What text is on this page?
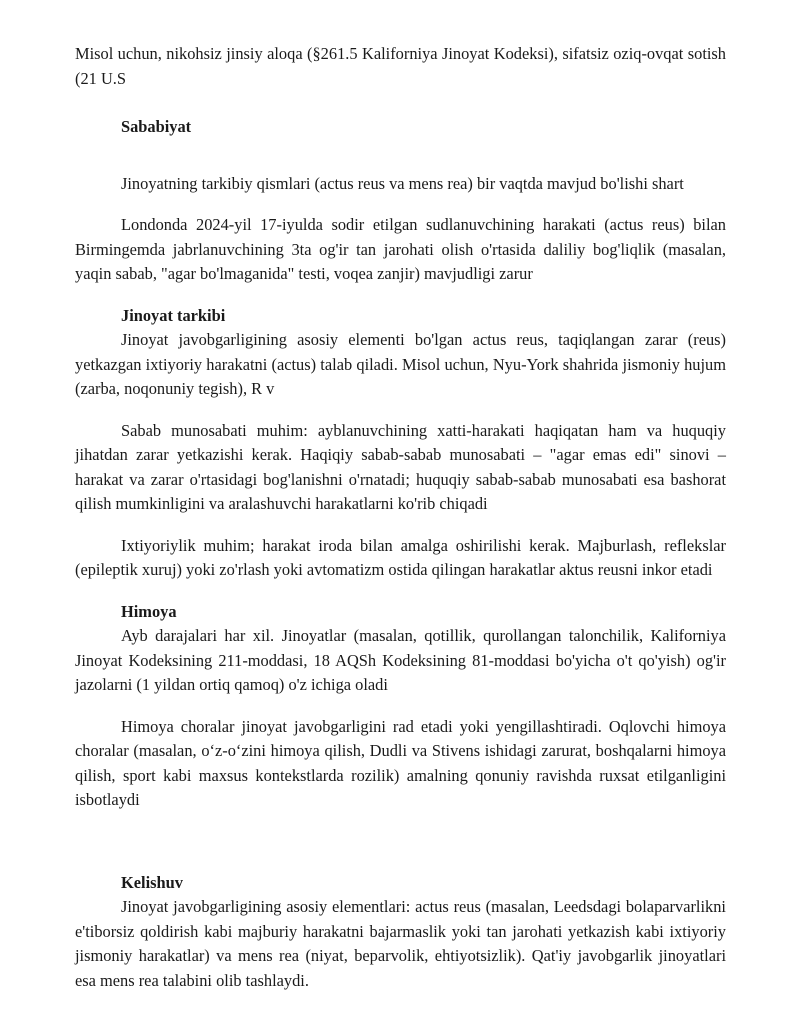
Misol uchun, nikohsiz jinsiy aloqa (§261.5 Kaliforniya Jinoyat Kodeksi), sifatsiz oziq-ovqat sotish (21 U.S

Sababiyat

Jinoyatning tarkibiy qismlari (actus reus va mens rea) bir vaqtda mavjud bo'lishi shart

Londonda 2024-yil 17-iyulda sodir etilgan sudlanuvchining harakati (actus reus) bilan Birmingemda jabrlanuvchining 3ta og'ir tan jarohati olish o'rtasida daliliy bog'liqlik (masalan, yaqin sabab, "agar bo'lmaganida" testi, voqea zanjir) mavjudligi zarur

Jinoyat tarkibi

Jinoyat javobgarligining asosiy elementi bo'lgan actus reus, taqiqlangan zarar (reus) yetkazgan ixtiyoriy harakatni (actus) talab qiladi. Misol uchun, Nyu-York shahrida jismoniy hujum (zarba, noqonuniy tegish), R v

Sabab munosabati muhim: ayblanuvchining xatti-harakati haqiqatan ham va huquqiy jihatdan zarar yetkazishi kerak. Haqiqiy sabab-sabab munosabati – "agar emas edi" sinovi – harakat va zarar o'rtasidagi bog'lanishni o'rnatadi; huquqiy sabab-sabab munosabati esa bashorat qilish mumkinligini va aralashuvchi harakatlarni ko'rib chiqadi

Ixtiyoriylik muhim; harakat iroda bilan amalga oshirilishi kerak. Majburlash, reflekslar (epileptik xuruj) yoki zo'rlash yoki avtomatizm ostida qilingan harakatlar aktus reusni inkor etadi

Himoya

Ayb darajalari har xil. Jinoyatlar (masalan, qotillik, qurollangan talonchilik, Kaliforniya Jinoyat Kodeksining 211-moddasi, 18 AQSh Kodeksining 81-moddasi bo'yicha o't qo'yish) og'ir jazolarni (1 yildan ortiq qamoq) o'z ichiga oladi

Himoya choralar jinoyat javobgarligini rad etadi yoki yengillashtiradi. Oqlovchi himoya choralar (masalan, o‘z-o‘zini himoya qilish, Dudli va Stivens ishidagi zarurat, boshqalarni himoya qilish, sport kabi maxsus kontekstlarda rozilik) amalning qonuniy ravishda ruxsat etilganligini isbotlaydi

Kelishuv

Jinoyat javobgarligining asosiy elementlari: actus reus (masalan, Leedsdagi bolaparvarlikni e'tiborsiz qoldirish kabi majburiy harakatni bajarmaslik yoki tan jarohati yetkazish kabi ixtiyoriy jismoniy harakatlar) va mens rea (niyat, beparvolik, ehtiyotsizlik). Qat'iy javobgarlik jinoyatlari esa mens rea talabini olib tashlaydi.
